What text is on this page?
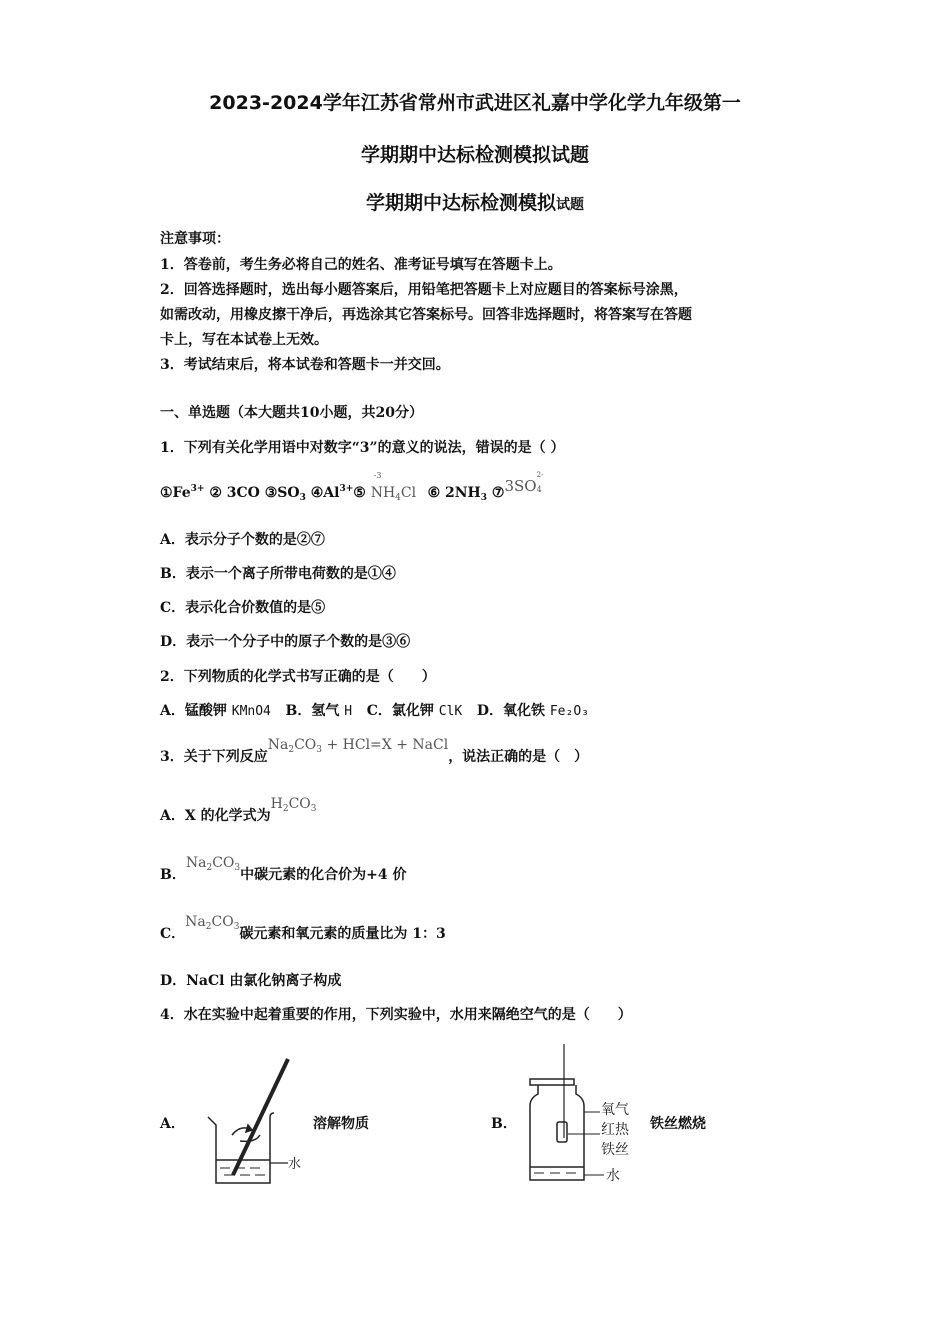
2023-2024学年江苏省常州市武进区礼嘉中学化学九年级第一
学期期中达标检测模拟试题
学期期中达标检测模拟试题
注意事项：
1．答卷前，考生务必将自己的姓名、准考证号填写在答题卡上。
2．回答选择题时，选出每小题答案后，用铅笔把答题卡上对应题目的答案标号涂黑，
如需改动，用橡皮擦干净后，再选涂其它答案标号。回答非选择题时，将答案写在答题
卡上，写在本试卷上无效。
3．考试结束后，将本试卷和答题卡一并交回。
一、单选题（本大题共10小题，共20分）
1．下列有关化学用语中对数字“3”的意义的说法，错误的是（ ）
$①Fe^{3+}$ ② 3CO $③SO_3$ $④Al^{3+}⑤$
-3
$NH_4Cl$ ⑥ $2NH_3$ ⑦3SO
2-
4
A．表示分子个数的是②⑦
B．表示一个离子所带电荷数的是①④
C．表示化合价数值的是⑤
D．表示一个分子中的原子个数的是③⑥
2．下列物质的化学式书写正确的是（　　）
A．锰酸钾 KMnO4 B．氢气 H C．氯化钾 ClK D．氧化铁 Fe₂O₃
3．关于下列反应$Na_2CO_3 + HCl=X$ + NaCl，说法正确的是（　）
A．X 的化学式为$H_2CO_3$
B．$Na_2CO_3$中碳元素的化合价为+4 价
C．$Na_2CO_3$碳元素和氧元素的质量比为 1：3
D．NaCl 由氯化钠离子构成
4．水在实验中起着重要的作用，下列实验中，水用来隔绝空气的是（　　）
A．	溶解物质	B．	铁丝燃烧
水
氧气
红热
铁丝
水
